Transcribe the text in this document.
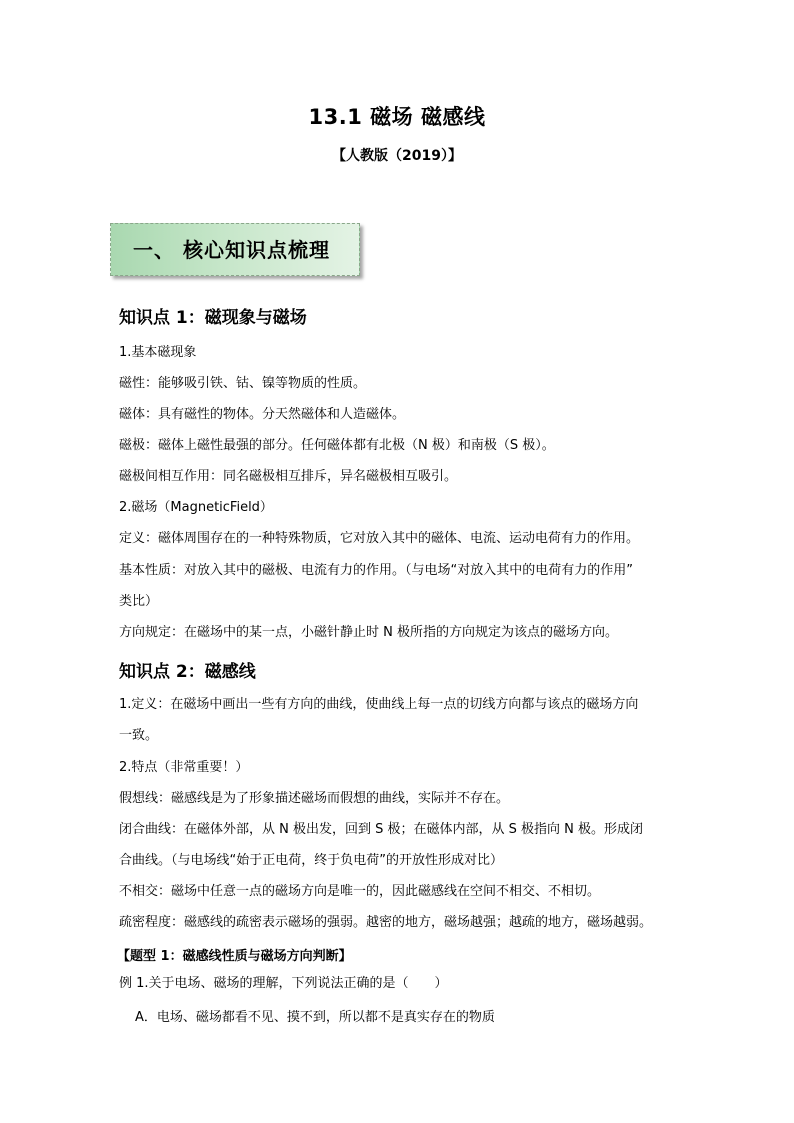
13.1 磁场 磁感线
【人教版（2019）】
一、 核心知识点梳理
知识点 1：磁现象与磁场
1.基本磁现象
磁性：能够吸引铁、钴、镍等物质的性质。
磁体：具有磁性的物体。分天然磁体和人造磁体。
磁极：磁体上磁性最强的部分。任何磁体都有北极（N 极）和南极（S 极）。
磁极间相互作用：同名磁极相互排斥，异名磁极相互吸引。
2.磁场（MagneticField）
定义：磁体周围存在的一种特殊物质，它对放入其中的磁体、电流、运动电荷有力的作用。
基本性质：对放入其中的磁极、电流有力的作用。（与电场“对放入其中的电荷有力的作用”
类比）
方向规定：在磁场中的某一点，小磁针静止时 N 极所指的方向规定为该点的磁场方向。
知识点 2：磁感线
1.定义：在磁场中画出一些有方向的曲线，使曲线上每一点的切线方向都与该点的磁场方向
一致。
2.特点（非常重要！）
假想线：磁感线是为了形象描述磁场而假想的曲线，实际并不存在。
闭合曲线：在磁体外部，从 N 极出发，回到 S 极；在磁体内部，从 S 极指向 N 极。形成闭
合曲线。（与电场线“始于正电荷，终于负电荷”的开放性形成对比）
不相交：磁场中任意一点的磁场方向是唯一的，因此磁感线在空间不相交、不相切。
疏密程度：磁感线的疏密表示磁场的强弱。越密的地方，磁场越强；越疏的地方，磁场越弱。
【题型 1：磁感线性质与磁场方向判断】
例 1.关于电场、磁场的理解，下列说法正确的是（　　）
A．电场、磁场都看不见、摸不到，所以都不是真实存在的物质
